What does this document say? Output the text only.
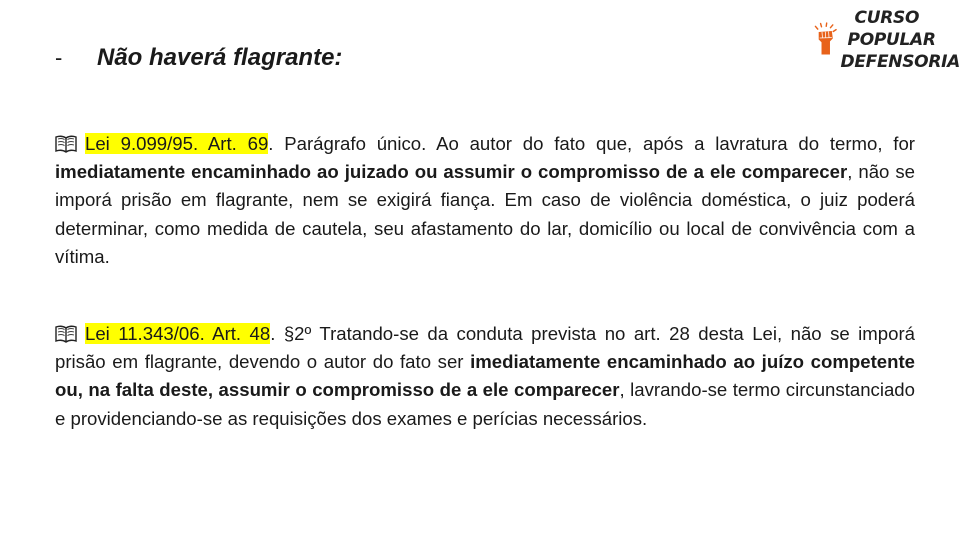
-	Não haverá flagrante:
CURSO
POPULAR
DEFENSORIA
Lei 9.099/95. Art. 69. Parágrafo único. Ao autor do fato que, após a lavratura do termo, for imediatamente encaminhado ao juizado ou assumir o compromisso de a ele comparecer, não se imporá prisão em flagrante, nem se exigirá fiança. Em caso de violência doméstica, o juiz poderá determinar, como medida de cautela, seu afastamento do lar, domicílio ou local de convivência com a vítima.
Lei 11.343/06. Art. 48. §2º Tratando-se da conduta prevista no art. 28 desta Lei, não se imporá prisão em flagrante, devendo o autor do fato ser imediatamente encaminhado ao juízo competente ou, na falta deste, assumir o compromisso de a ele comparecer, lavrando-se termo circunstanciado e providenciando-se as requisições dos exames e perícias necessários.
